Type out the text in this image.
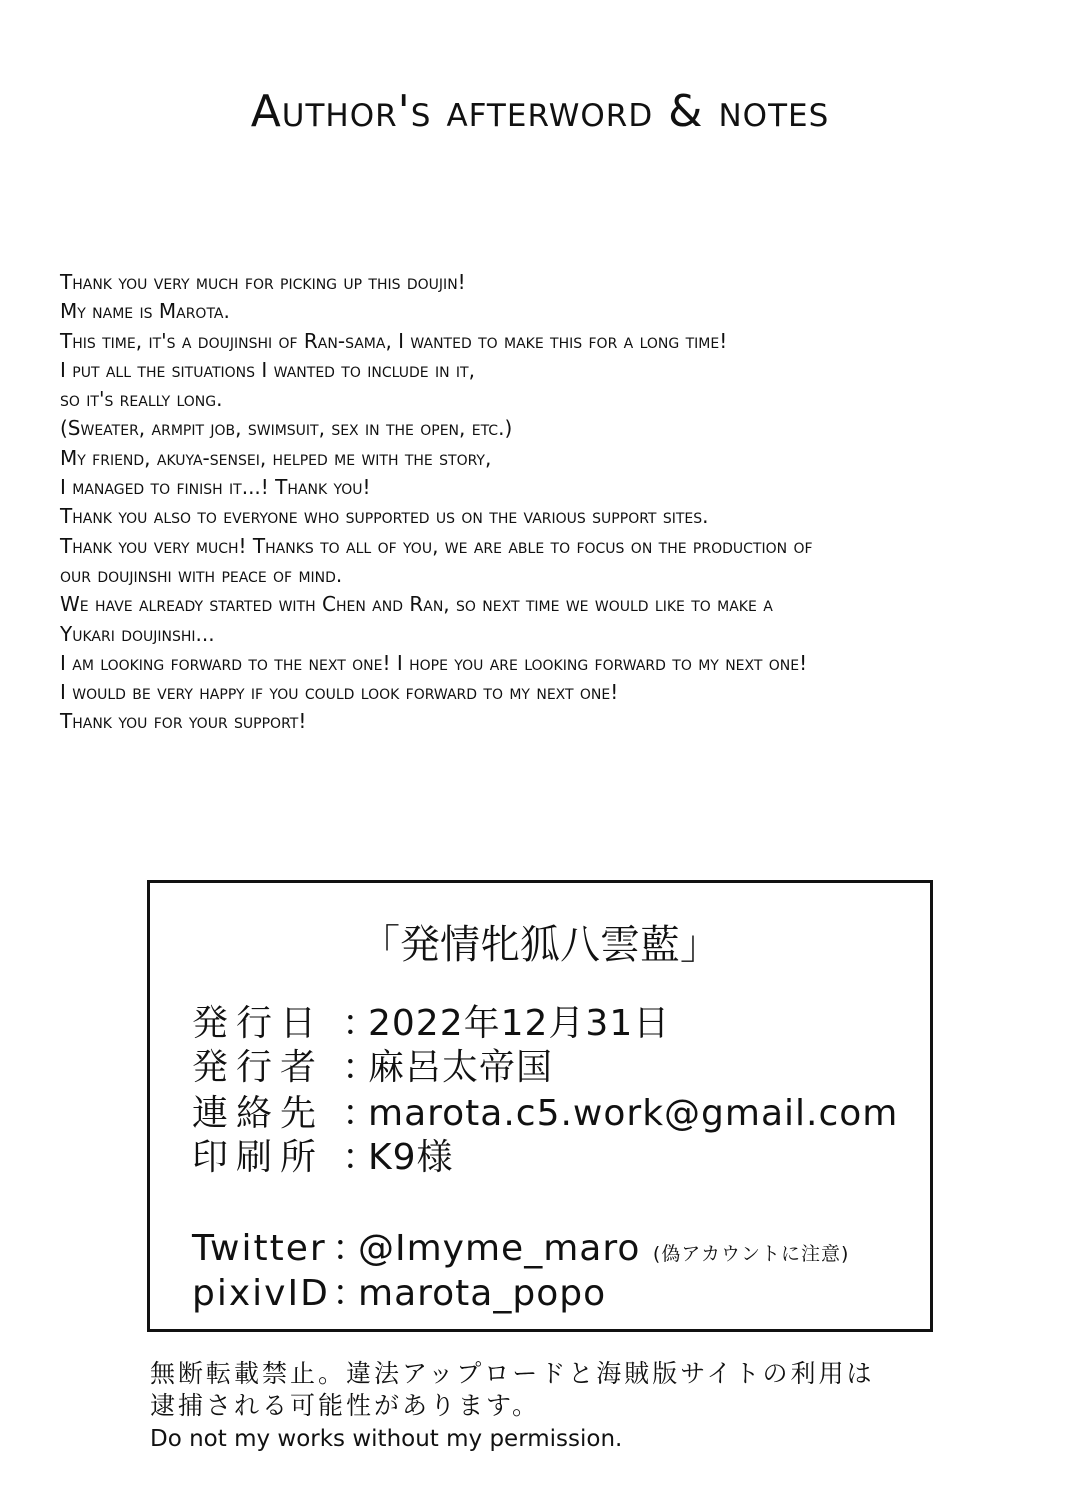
Author's afterword & notes
Thank you very much for picking up this doujin!
My name is Marota.
This time, it's a doujinshi of Ran-sama, I wanted to make this for a long time!
I put all the situations I wanted to include in it,
so it's really long.
(Sweater, armpit job, swimsuit, sex in the open, etc.)
My friend, akuya-sensei, helped me with the story,
I managed to finish it...! Thank you!
Thank you also to everyone who supported us on the various support sites.
Thank you very much! Thanks to all of you, we are able to focus on the production of
our doujinshi with peace of mind.
We have already started with Chen and Ran, so next time we would like to make a
Yukari doujinshi...
I am looking forward to the next one! I hope you are looking forward to my next one!
I would be very happy if you could look forward to my next one!
Thank you for your support!
「発情牝狐八雲藍」
発行日 ：2022年12月31日
発行者 ：麻呂太帝国
連絡先 ：marota.c5.work@gmail.com
印刷所 ：K9様
Twitter ：@Imyme_maro (偽アカウントに注意)
pixivID：marota_popo
無断転載禁止。違法アップロードと海賊版サイトの利用は
逮捕される可能性があります。
Do not my works without my permission.
